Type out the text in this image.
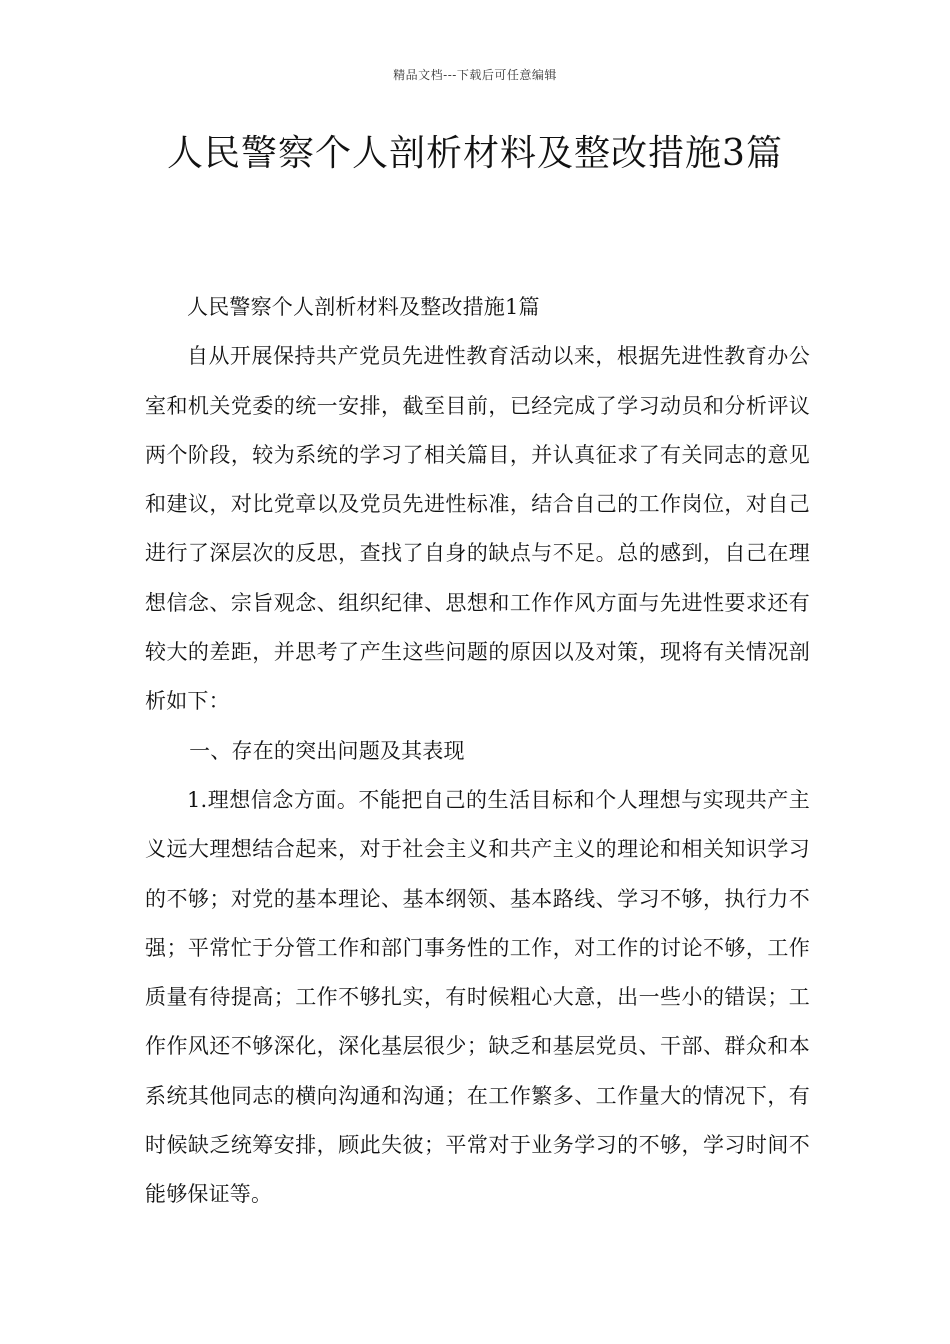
精品文档---下载后可任意编辑
人民警察个人剖析材料及整改措施3篇

人民警察个人剖析材料及整改措施1篇

自从开展保持共产党员先进性教育活动以来，根据先进性教育办公室和机关党委的统一安排，截至目前，已经完成了学习动员和分析评议两个阶段，较为系统的学习了相关篇目，并认真征求了有关同志的意见和建议，对比党章以及党员先进性标准，结合自己的工作岗位，对自己进行了深层次的反思，查找了自身的缺点与不足。总的感到，自己在理想信念、宗旨观念、组织纪律、思想和工作作风方面与先进性要求还有较大的差距，并思考了产生这些问题的原因以及对策，现将有关情况剖析如下：

一、存在的突出问题及其表现

1.理想信念方面。不能把自己的生活目标和个人理想与实现共产主义远大理想结合起来，对于社会主义和共产主义的理论和相关知识学习的不够；对党的基本理论、基本纲领、基本路线、学习不够，执行力不强；平常忙于分管工作和部门事务性的工作，对工作的讨论不够，工作质量有待提高；工作不够扎实，有时候粗心大意，出一些小的错误；工作作风还不够深化，深化基层很少；缺乏和基层党员、干部、群众和本系统其他同志的横向沟通和沟通；在工作繁多、工作量大的情况下，有时候缺乏统筹安排，顾此失彼；平常对于业务学习的不够，学习时间不能够保证等。
